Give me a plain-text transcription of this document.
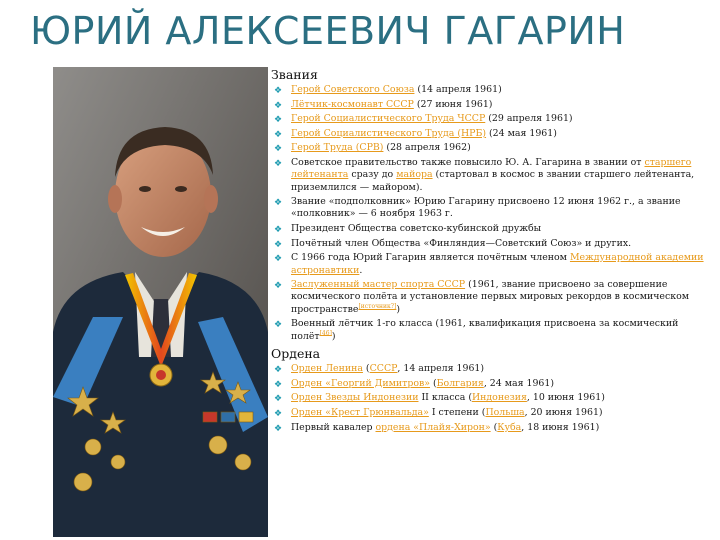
ЮРИЙ АЛЕКСЕЕВИЧ ГАГАРИН
Звания
❖ Герой Советского Союза (14 апреля 1961)
❖ Лётчик-космонавт СССР (27 июня 1961)
❖ Герой Социалистического Труда ЧССР (29 апреля 1961)
❖ Герой Социалистического Труда (НРБ) (24 мая 1961)
❖ Герой Труда (СРВ) (28 апреля 1962)
❖ Советское правительство также повысило Ю. А. Гагарина в звании от старшего лейтенанта сразу до майора (стартовал в космос в звании старшего лейтенанта, приземлился — майором).
❖ Звание «подполковник» Юрию Гагарину присвоено 12 июня 1962 г., а звание «полковник» — 6 ноября 1963 г.
❖ Президент Общества советско-кубинской дружбы
❖ Почётный член Общества «Финляндия—Советский Союз» и других.
❖ С 1966 года Юрий Гагарин является почётным членом Международной академии астронавтики.
❖ Заслуженный мастер спорта СССР (1961, звание присвоено за совершение космического полёта и установление первых мировых рекордов в космическом пространстве[источник?])
❖ Военный лётчик 1-го класса (1961, квалификация присвоена за космический полёт[46])
Ордена
❖ Орден Ленина (СССР, 14 апреля 1961)
❖ Орден «Георгий Димитров» (Болгария, 24 мая 1961)
❖ Орден Звезды Индонезии II класса (Индонезия, 10 июня 1961)
❖ Орден «Крест Грюнвальда» I степени (Польша, 20 июня 1961)
❖ Первый кавалер ордена «Плайя-Хирон» (Куба, 18 июня 1961)
